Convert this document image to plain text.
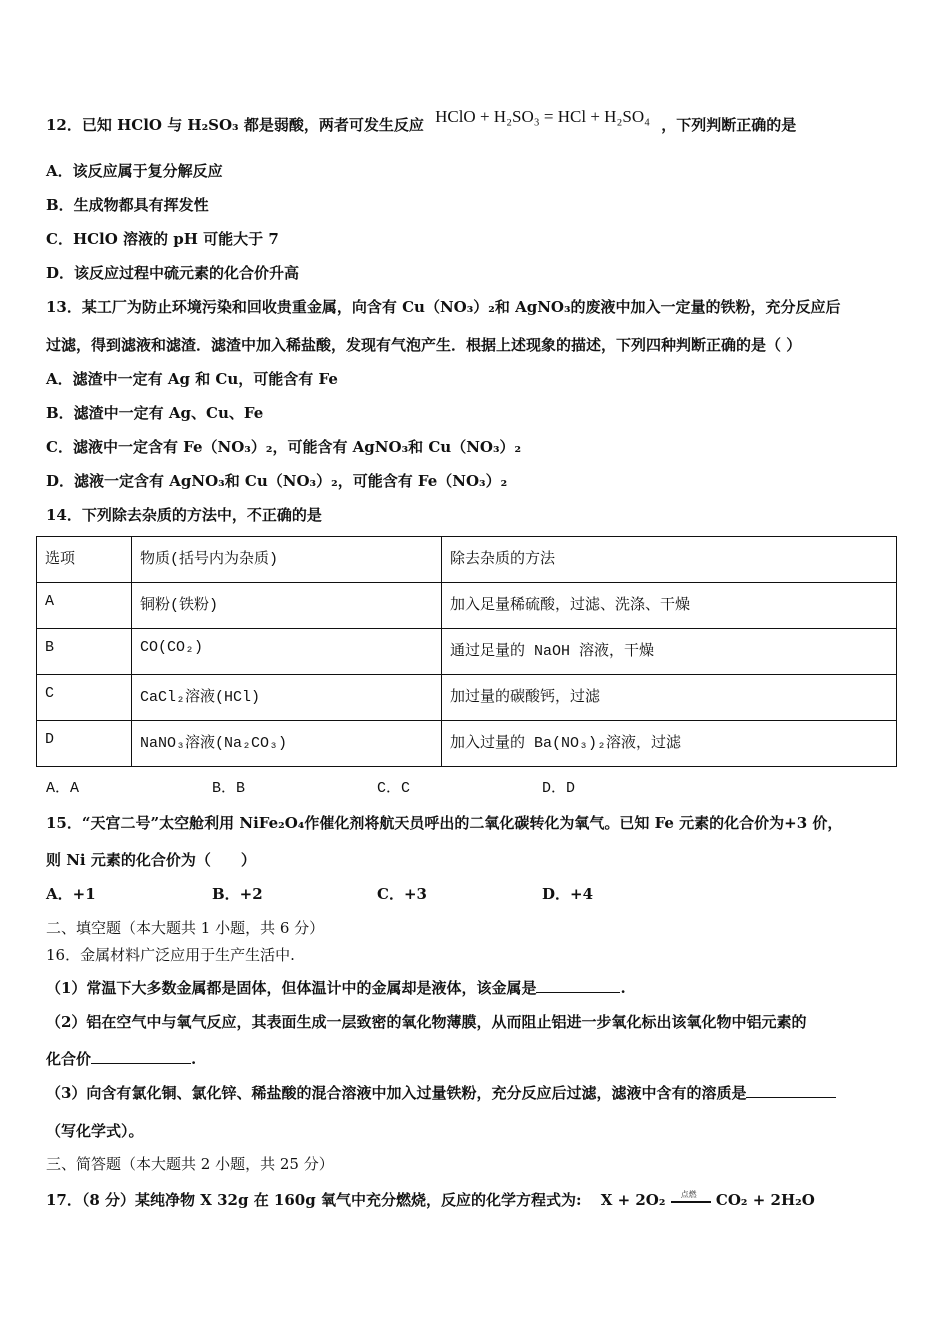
12．已知 HClO 与 H₂SO₃ 都是弱酸，两者可发生反应 HClO + H₂SO₃ = HCl + H₂SO₄ ，下列判断正确的是
A．该反应属于复分解反应
B．生成物都具有挥发性
C．HClO 溶液的 pH 可能大于 7
D．该反应过程中硫元素的化合价升高
13．某工厂为防止环境污染和回收贵重金属，向含有 Cu（NO₃）₂和 AgNO₃的废液中加入一定量的铁粉，充分反应后
过滤，得到滤液和滤渣．滤渣中加入稀盐酸，发现有气泡产生．根据上述现象的描述，下列四种判断正确的是（ ）
A．滤渣中一定有 Ag 和 Cu，可能含有 Fe
B．滤渣中一定有 Ag、Cu、Fe
C．滤液中一定含有 Fe（NO₃）₂，可能含有 AgNO₃和 Cu（NO₃）₂
D．滤液一定含有 AgNO₃和 Cu（NO₃）₂，可能含有 Fe（NO₃）₂
14．下列除去杂质的方法中，不正确的是
选项	物质(括号内为杂质)	除去杂质的方法
A	铜粉(铁粉)	加入足量稀硫酸，过滤、洗涤、干燥
B	CO(CO₂)	通过足量的 NaOH 溶液，干燥
C	CaCl₂溶液(HCl)	加过量的碳酸钙，过滤
D	NaNO₃溶液(Na₂CO₃)	加入过量的 Ba(NO₃)₂溶液，过滤
A．A	B．B	C．C	D．D
15．“天宫二号”太空舱利用 NiFe₂O₄作催化剂将航天员呼出的二氧化碳转化为氧气。已知 Fe 元素的化合价为+3 价，
则 Ni 元素的化合价为（　　）
A．+1	B．+2	C．+3	D．+4
二、填空题（本大题共 1 小题，共 6 分）
16．金属材料广泛应用于生产生活中.
（1）常温下大多数金属都是固体，但体温计中的金属却是液体，该金属是	.
（2）铝在空气中与氧气反应，其表面生成一层致密的氧化物薄膜，从而阻止铝进一步氧化标出该氧化物中铝元素的
化合价	.
（3）向含有氯化铜、氯化锌、稀盐酸的混合溶液中加入过量铁粉，充分反应后过滤，滤液中含有的溶质是
（写化学式）。
三、简答题（本大题共 2 小题，共 25 分）
17．（8 分）某纯净物 X 32g 在 160g 氧气中充分燃烧，反应的化学方程式为: X + 2O₂ 点燃 CO₂ + 2H₂O
